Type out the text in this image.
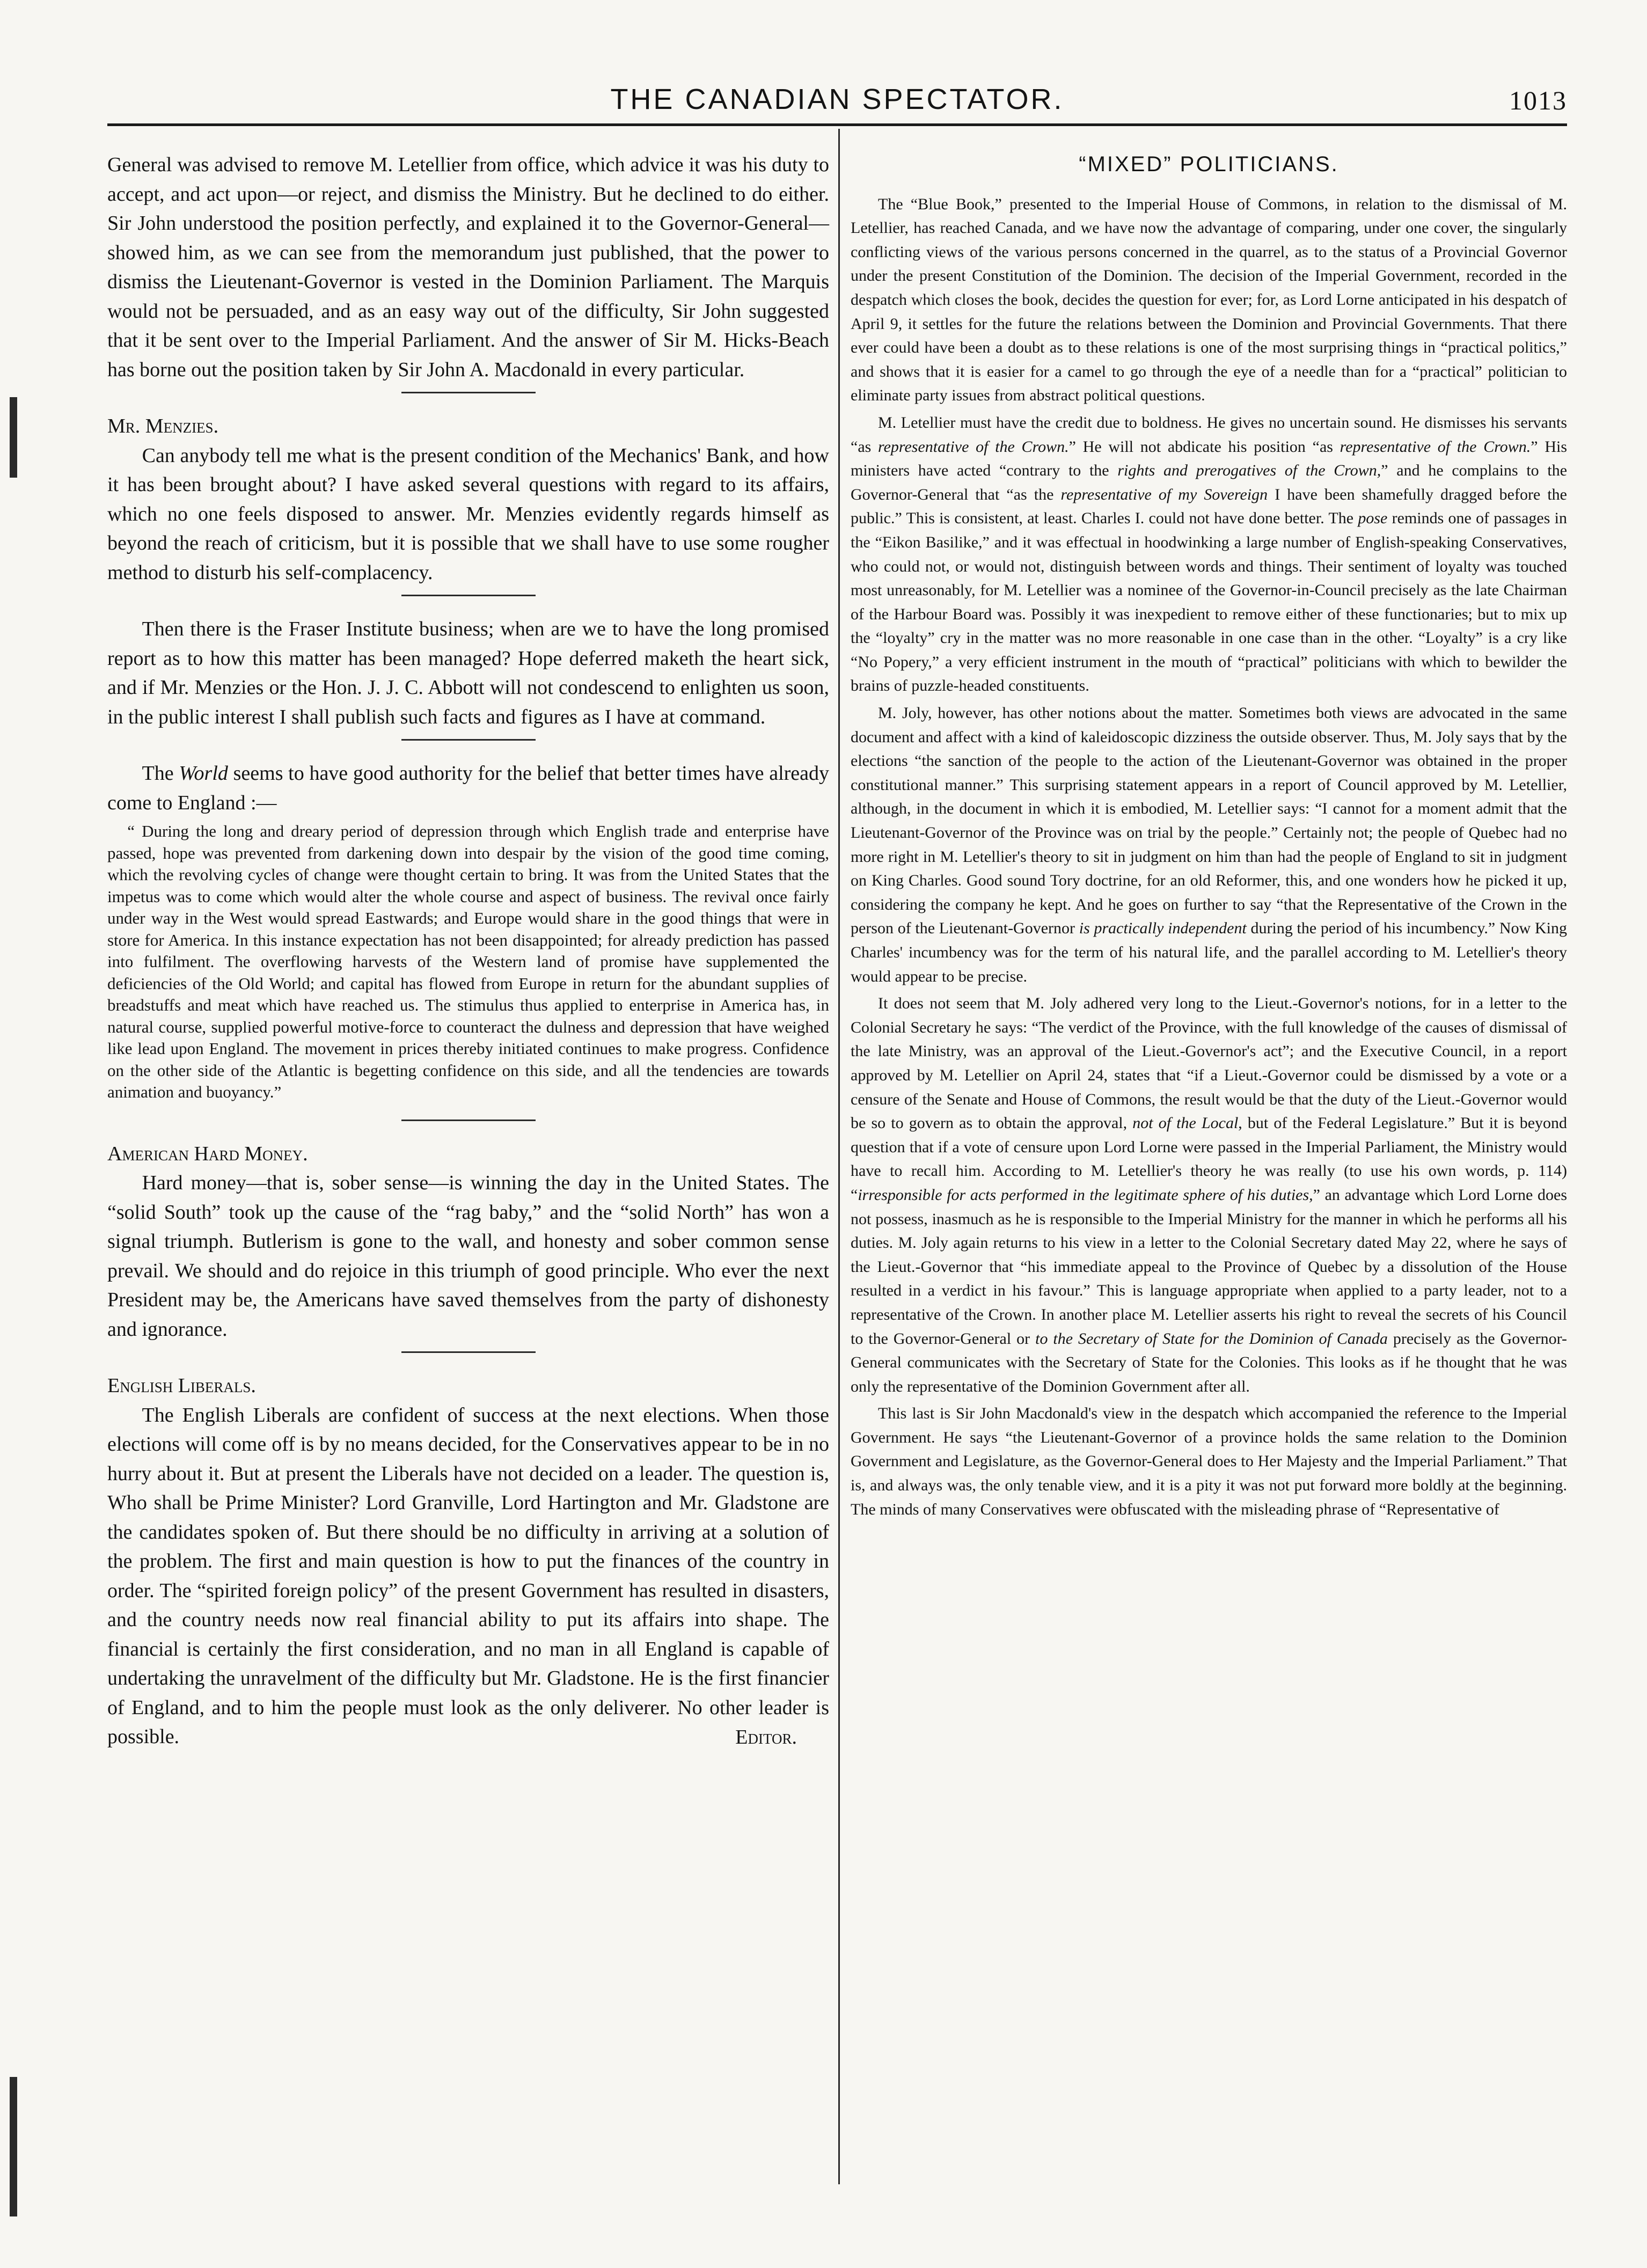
THE CANADIAN SPECTATOR.	1013

General was advised to remove M. Letellier from office, which advice it was his duty to accept, and act upon—or reject, and dismiss the Ministry. But he declined to do either. Sir John understood the position perfectly, and explained it to the Governor-General—showed him, as we can see from the memorandum just published, that the power to dismiss the Lieutenant-Governor is vested in the Dominion Parliament. The Marquis would not be persuaded, and as an easy way out of the difficulty, Sir John suggested that it be sent over to the Imperial Parliament. And the answer of Sir M. Hicks-Beach has borne out the position taken by Sir John A. Macdonald in every particular.

Mr. Menzies.

Can anybody tell me what is the present condition of the Mechanics' Bank, and how it has been brought about? I have asked several questions with regard to its affairs, which no one feels disposed to answer. Mr. Menzies evidently regards himself as beyond the reach of criticism, but it is possible that we shall have to use some rougher method to disturb his self-complacency.

Then there is the Fraser Institute business; when are we to have the long promised report as to how this matter has been managed? Hope deferred maketh the heart sick, and if Mr. Menzies or the Hon. J. J. C. Abbott will not condescend to enlighten us soon, in the public interest I shall publish such facts and figures as I have at command.

The World seems to have good authority for the belief that better times have already come to England :—

“ During the long and dreary period of depression through which English trade and enterprise have passed, hope was prevented from darkening down into despair by the vision of the good time coming, which the revolving cycles of change were thought certain to bring. It was from the United States that the impetus was to come which would alter the whole course and aspect of business. The revival once fairly under way in the West would spread Eastwards; and Europe would share in the good things that were in store for America. In this instance expectation has not been disappointed; for already prediction has passed into fulfilment. The overflowing harvests of the Western land of promise have supplemented the deficiencies of the Old World; and capital has flowed from Europe in return for the abundant supplies of breadstuffs and meat which have reached us. The stimulus thus applied to enterprise in America has, in natural course, supplied powerful motive-force to counteract the dulness and depression that have weighed like lead upon England. The movement in prices thereby initiated continues to make progress. Confidence on the other side of the Atlantic is begetting confidence on this side, and all the tendencies are towards animation and buoyancy.”

American Hard Money.

Hard money—that is, sober sense—is winning the day in the United States. The “solid South” took up the cause of the “rag baby,” and the “solid North” has won a signal triumph. Butlerism is gone to the wall, and honesty and sober common sense prevail. We should and do rejoice in this triumph of good principle. Who ever the next President may be, the Americans have saved themselves from the party of dishonesty and ignorance.

English Liberals.

The English Liberals are confident of success at the next elections. When those elections will come off is by no means decided, for the Conservatives appear to be in no hurry about it. But at present the Liberals have not decided on a leader. The question is, Who shall be Prime Minister? Lord Granville, Lord Hartington and Mr. Gladstone are the candidates spoken of. But there should be no difficulty in arriving at a solution of the problem. The first and main question is how to put the finances of the country in order. The “spirited foreign policy” of the present Government has resulted in disasters, and the country needs now real financial ability to put its affairs into shape. The financial is certainly the first consideration, and no man in all England is capable of undertaking the unravelment of the difficulty but Mr. Gladstone. He is the first financier of England, and to him the people must look as the only deliverer. No other leader is possible.	Editor.
“MIXED” POLITICIANS.

The “Blue Book,” presented to the Imperial House of Commons, in relation to the dismissal of M. Letellier, has reached Canada, and we have now the advantage of comparing, under one cover, the singularly conflicting views of the various persons concerned in the quarrel, as to the status of a Provincial Governor under the present Constitution of the Dominion. The decision of the Imperial Government, recorded in the despatch which closes the book, decides the question for ever; for, as Lord Lorne anticipated in his despatch of April 9, it settles for the future the relations between the Dominion and Provincial Governments. That there ever could have been a doubt as to these relations is one of the most surprising things in “practical politics,” and shows that it is easier for a camel to go through the eye of a needle than for a “practical” politician to eliminate party issues from abstract political questions.

M. Letellier must have the credit due to boldness. He gives no uncertain sound. He dismisses his servants “as representative of the Crown.” He will not abdicate his position “as representative of the Crown.” His ministers have acted “contrary to the rights and prerogatives of the Crown,” and he complains to the Governor-General that “as the representative of my Sovereign I have been shamefully dragged before the public.” This is consistent, at least. Charles I. could not have done better. The pose reminds one of passages in the “Eikon Basilike,” and it was effectual in hoodwinking a large number of English-speaking Conservatives, who could not, or would not, distinguish between words and things. Their sentiment of loyalty was touched most unreasonably, for M. Letellier was a nominee of the Governor-in-Council precisely as the late Chairman of the Harbour Board was. Possibly it was inexpedient to remove either of these functionaries; but to mix up the “loyalty” cry in the matter was no more reasonable in one case than in the other. “Loyalty” is a cry like “No Popery,” a very efficient instrument in the mouth of “practical” politicians with which to bewilder the brains of puzzle-headed constituents.

M. Joly, however, has other notions about the matter. Sometimes both views are advocated in the same document and affect with a kind of kaleidoscopic dizziness the outside observer. Thus, M. Joly says that by the elections “the sanction of the people to the action of the Lieutenant-Governor was obtained in the proper constitutional manner.” This surprising statement appears in a report of Council approved by M. Letellier, although, in the document in which it is embodied, M. Letellier says: “I cannot for a moment admit that the Lieutenant-Governor of the Province was on trial by the people.” Certainly not; the people of Quebec had no more right in M. Letellier's theory to sit in judgment on him than had the people of England to sit in judgment on King Charles. Good sound Tory doctrine, for an old Reformer, this, and one wonders how he picked it up, considering the company he kept. And he goes on further to say “that the Representative of the Crown in the person of the Lieutenant-Governor is practically independent during the period of his incumbency.” Now King Charles' incumbency was for the term of his natural life, and the parallel according to M. Letellier's theory would appear to be precise.

It does not seem that M. Joly adhered very long to the Lieut.-Governor's notions, for in a letter to the Colonial Secretary he says: “The verdict of the Province, with the full knowledge of the causes of dismissal of the late Ministry, was an approval of the Lieut.-Governor's act”; and the Executive Council, in a report approved by M. Letellier on April 24, states that “if a Lieut.-Governor could be dismissed by a vote or a censure of the Senate and House of Commons, the result would be that the duty of the Lieut.-Governor would be so to govern as to obtain the approval, not of the Local, but of the Federal Legislature.” But it is beyond question that if a vote of censure upon Lord Lorne were passed in the Imperial Parliament, the Ministry would have to recall him. According to M. Letellier's theory he was really (to use his own words, p. 114) “irresponsible for acts performed in the legitimate sphere of his duties,” an advantage which Lord Lorne does not possess, inasmuch as he is responsible to the Imperial Ministry for the manner in which he performs all his duties. M. Joly again returns to his view in a letter to the Colonial Secretary dated May 22, where he says of the Lieut.-Governor that “his immediate appeal to the Province of Quebec by a dissolution of the House resulted in a verdict in his favour.” This is language appropriate when applied to a party leader, not to a representative of the Crown. In another place M. Letellier asserts his right to reveal the secrets of his Council to the Governor-General or to the Secretary of State for the Dominion of Canada precisely as the Governor-General communicates with the Secretary of State for the Colonies. This looks as if he thought that he was only the representative of the Dominion Government after all.

This last is Sir John Macdonald's view in the despatch which accompanied the reference to the Imperial Government. He says “the Lieutenant-Governor of a province holds the same relation to the Dominion Government and Legislature, as the Governor-General does to Her Majesty and the Imperial Parliament.” That is, and always was, the only tenable view, and it is a pity it was not put forward more boldly at the beginning. The minds of many Conservatives were obfuscated with the misleading phrase of “Representative of
